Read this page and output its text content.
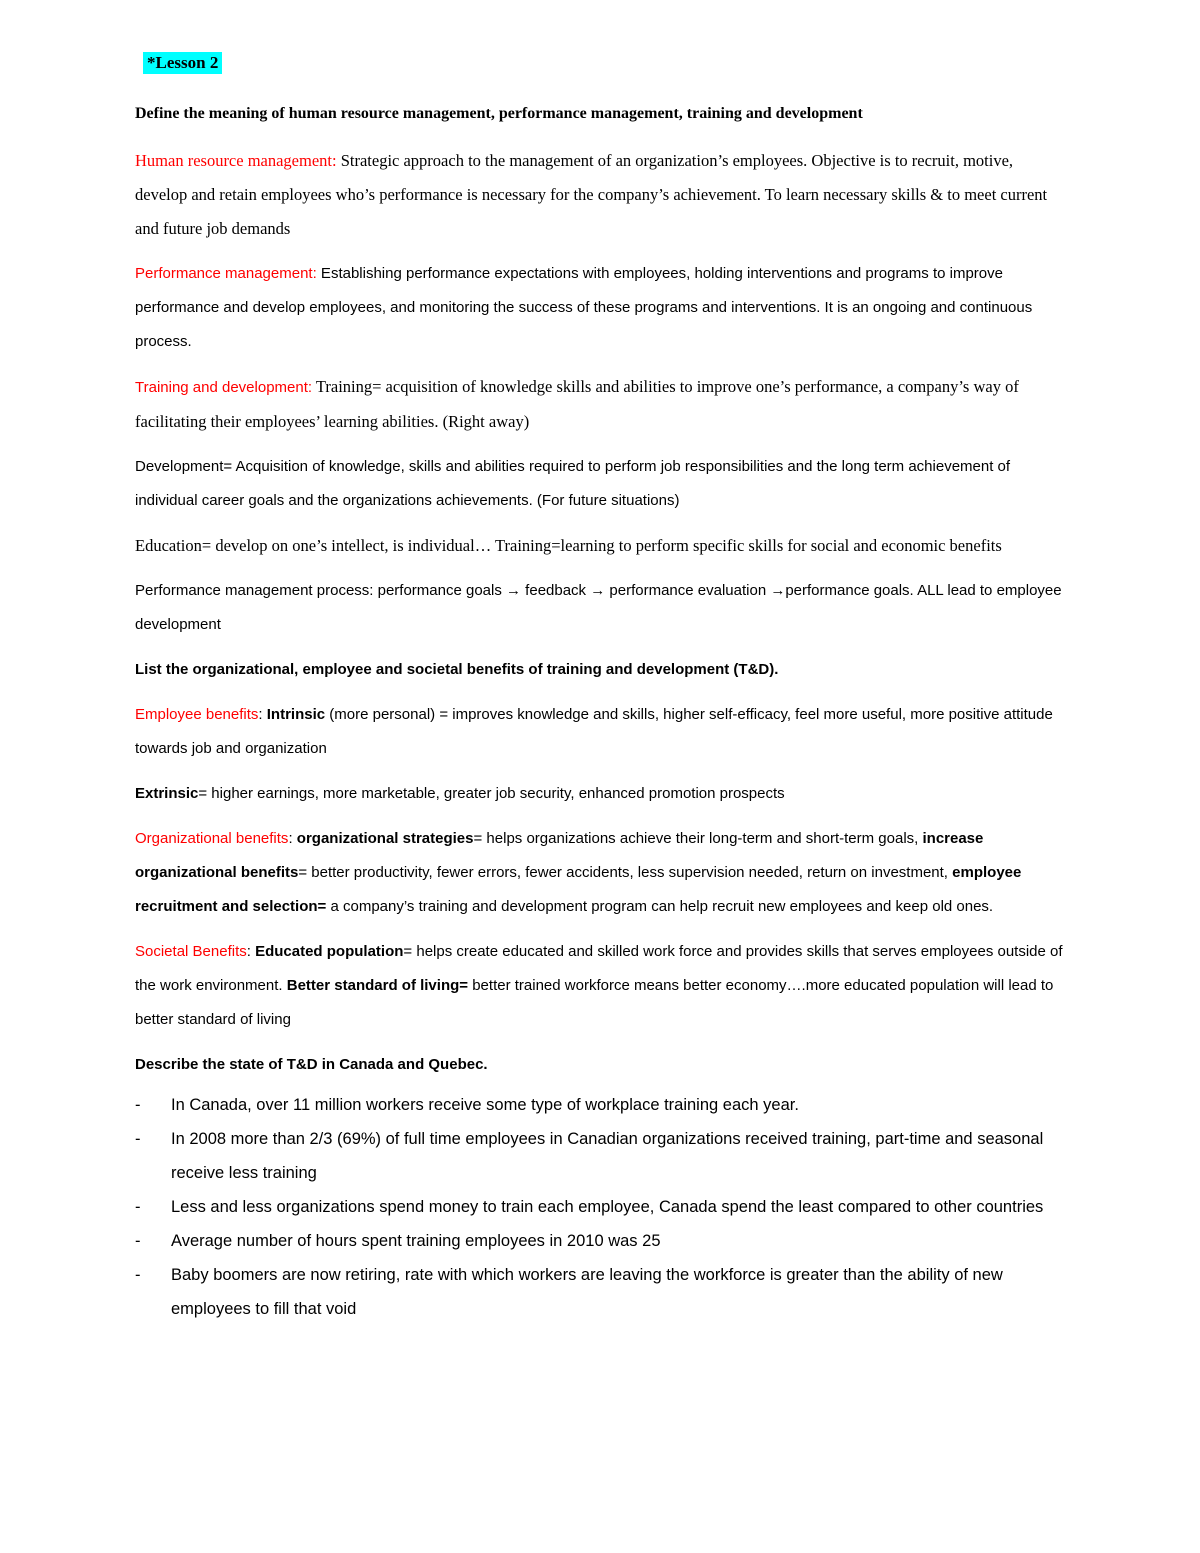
*Lesson 2

Define the meaning of human resource management, performance management, training and development

Human resource management: Strategic approach to the management of an organization’s employees. Objective is to recruit, motive, develop and retain employees who’s performance is necessary for the company’s achievement. To learn necessary skills & to meet current and future job demands

Performance management: Establishing performance expectations with employees, holding interventions and programs to improve performance and develop employees, and monitoring the success of these programs and interventions. It is an ongoing and continuous process.

Training and development: Training= acquisition of knowledge skills and abilities to improve one’s performance, a company’s way of facilitating their employees’ learning abilities. (Right away)

Development= Acquisition of knowledge, skills and abilities required to perform job responsibilities and the long term achievement of individual career goals and the organizations achievements. (For future situations)

Education= develop on one’s intellect, is individual… Training=learning to perform specific skills for social and economic benefits

Performance management process: performance goals → feedback → performance evaluation →performance goals. ALL lead to employee development

List the organizational, employee and societal benefits of training and development (T&D).

Employee benefits: Intrinsic (more personal) = improves knowledge and skills, higher self-efficacy, feel more useful, more positive attitude towards job and organization

Extrinsic= higher earnings, more marketable, greater job security, enhanced promotion prospects

Organizational benefits: organizational strategies= helps organizations achieve their long-term and short-term goals, increase organizational benefits= better productivity, fewer errors, fewer accidents, less supervision needed, return on investment, employee recruitment and selection= a company’s training and development program can help recruit new employees and keep old ones.

Societal Benefits: Educated population= helps create educated and skilled work force and provides skills that serves employees outside of the work environment. Better standard of living= better trained workforce means better economy….more educated population will lead to better standard of living

Describe the state of T&D in Canada and Quebec.

- In Canada, over 11 million workers receive some type of workplace training each year.
- In 2008 more than 2/3 (69%) of full time employees in Canadian organizations received training, part-time and seasonal receive less training
- Less and less organizations spend money to train each employee, Canada spend the least compared to other countries
- Average number of hours spent training employees in 2010 was 25
- Baby boomers are now retiring, rate with which workers are leaving the workforce is greater than the ability of new employees to fill that void
